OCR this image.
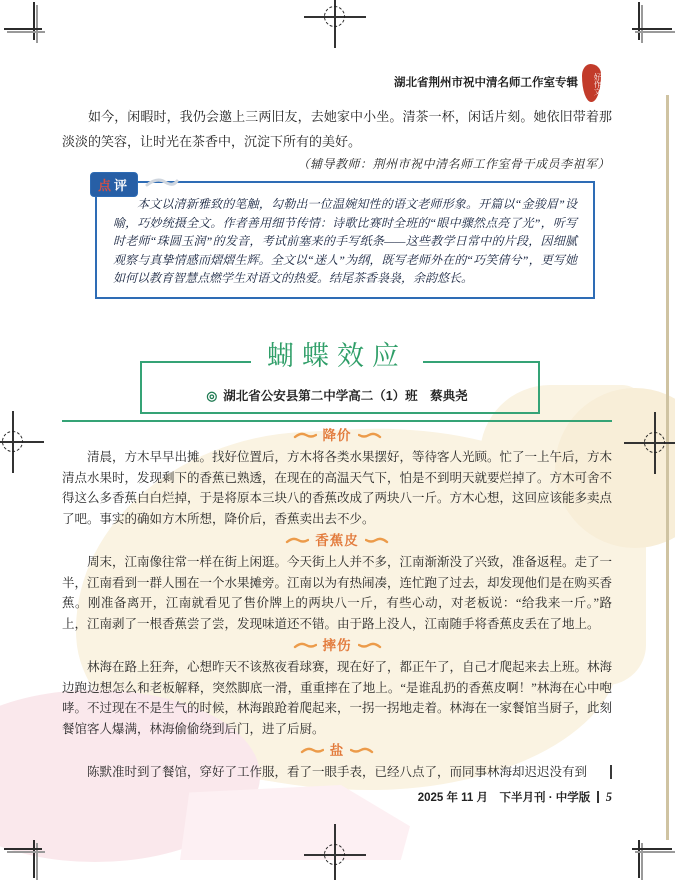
湖北省荆州市祝中清名师工作室专辑	好作文

如今，闲暇时，我仍会邀上三两旧友，去她家中小坐。清茶一杯，闲话片刻。她依旧带着那淡淡的笑容，让时光在茶香中，沉淀下所有的美好。

（辅导教师：荆州市祝中清名师工作室骨干成员李祖军）
点评

本文以清新雅致的笔触，勾勒出一位温婉知性的语文老师形象。开篇以“金骏眉”设喻，巧妙统摄全文。作者善用细节传情：诗歌比赛时全班的“眼中骤然点亮了光”，听写时老师“珠圆玉润”的发音，考试前塞来的手写纸条——这些教学日常中的片段，因细腻观察与真挚情感而熠熠生辉。全文以“迷人”为纲，既写老师外在的“巧笑倩兮”，更写她如何以教育智慧点燃学生对语文的热爱。结尾茶香袅袅，余韵悠长。

蝴蝶效应
◎ 湖北省公安县第二中学高二（1）班　蔡典尧
降价

清晨，方木早早出摊。找好位置后，方木将各类水果摆好，等待客人光顾。忙了一上午后，方木清点水果时，发现剩下的香蕉已熟透，在现在的高温天气下，怕是不到明天就要烂掉了。方木可舍不得这么多香蕉白白烂掉，于是将原本三块八的香蕉改成了两块八一斤。方木心想，这回应该能多卖点了吧。事实的确如方木所想，降价后，香蕉卖出去不少。

香蕉皮

周末，江南像往常一样在街上闲逛。今天街上人并不多，江南渐渐没了兴致，准备返程。走了一半，江南看到一群人围在一个水果摊旁。江南以为有热闹凑，连忙跑了过去，却发现他们是在购买香蕉。刚准备离开，江南就看见了售价牌上的两块八一斤，有些心动，对老板说：“给我来一斤。”路上，江南剥了一根香蕉尝了尝，发现味道还不错。由于路上没人，江南随手将香蕉皮丢在了地上。

摔伤

林海在路上狂奔，心想昨天不该熬夜看球赛，现在好了，都正午了，自己才爬起来去上班。林海边跑边想怎么和老板解释，突然脚底一滑，重重摔在了地上。“是谁乱扔的香蕉皮啊！”林海在心中咆哮。不过现在不是生气的时候，林海踉跄着爬起来，一拐一拐地走着。林海在一家餐馆当厨子，此刻餐馆客人爆满，林海偷偷绕到后门，进了后厨。

盐

陈默准时到了餐馆，穿好了工作服，看了一眼手表，已经八点了，而同事林海却迟迟没有到

2025 年 11 月　下半月刊 · 中学版 5
